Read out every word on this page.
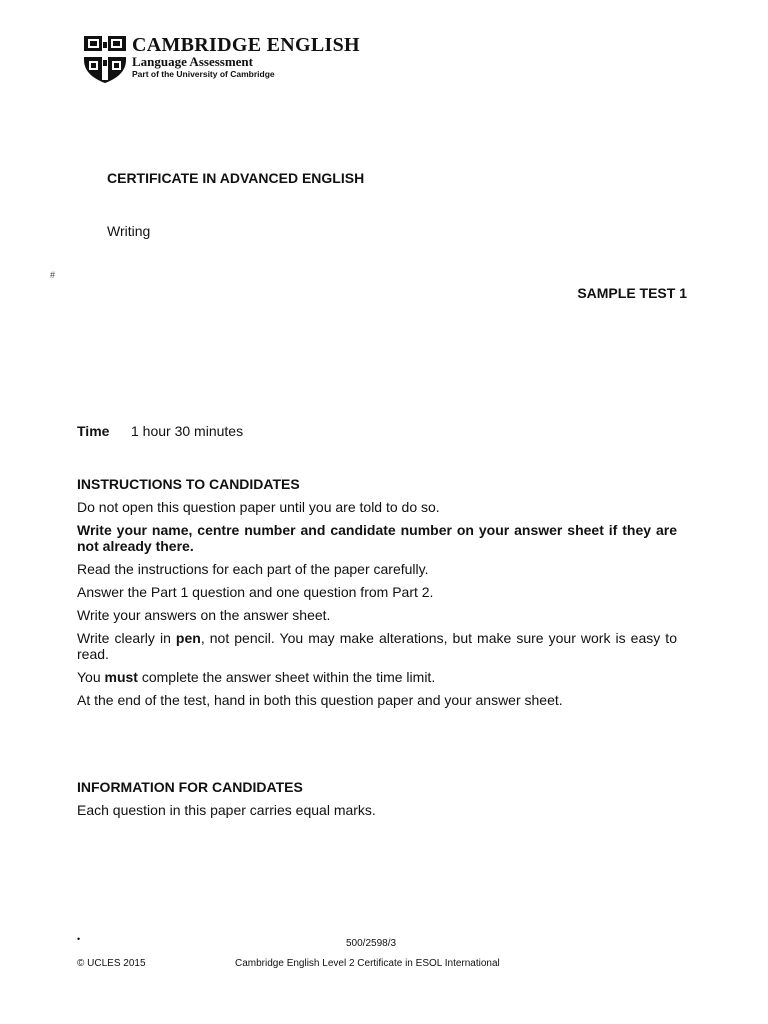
CAMBRIDGE ENGLISH
Language Assessment
Part of the University of Cambridge
CERTIFICATE IN ADVANCED ENGLISH
Writing
#
SAMPLE TEST 1
Time 1 hour 30 minutes
INSTRUCTIONS TO CANDIDATES

Do not open this question paper until you are told to do so.

Write your name, centre number and candidate number on your answer sheet if they are not already there.

Read the instructions for each part of the paper carefully.

Answer the Part 1 question and one question from Part 2.

Write your answers on the answer sheet.

Write clearly in pen, not pencil. You may make alterations, but make sure your work is easy to read.

You must complete the answer sheet within the time limit.

At the end of the test, hand in both this question paper and your answer sheet.

INFORMATION FOR CANDIDATES

Each question in this paper carries equal marks.

•	500/2598/3
© UCLES 2015	Cambridge English Level 2 Certificate in ESOL International
